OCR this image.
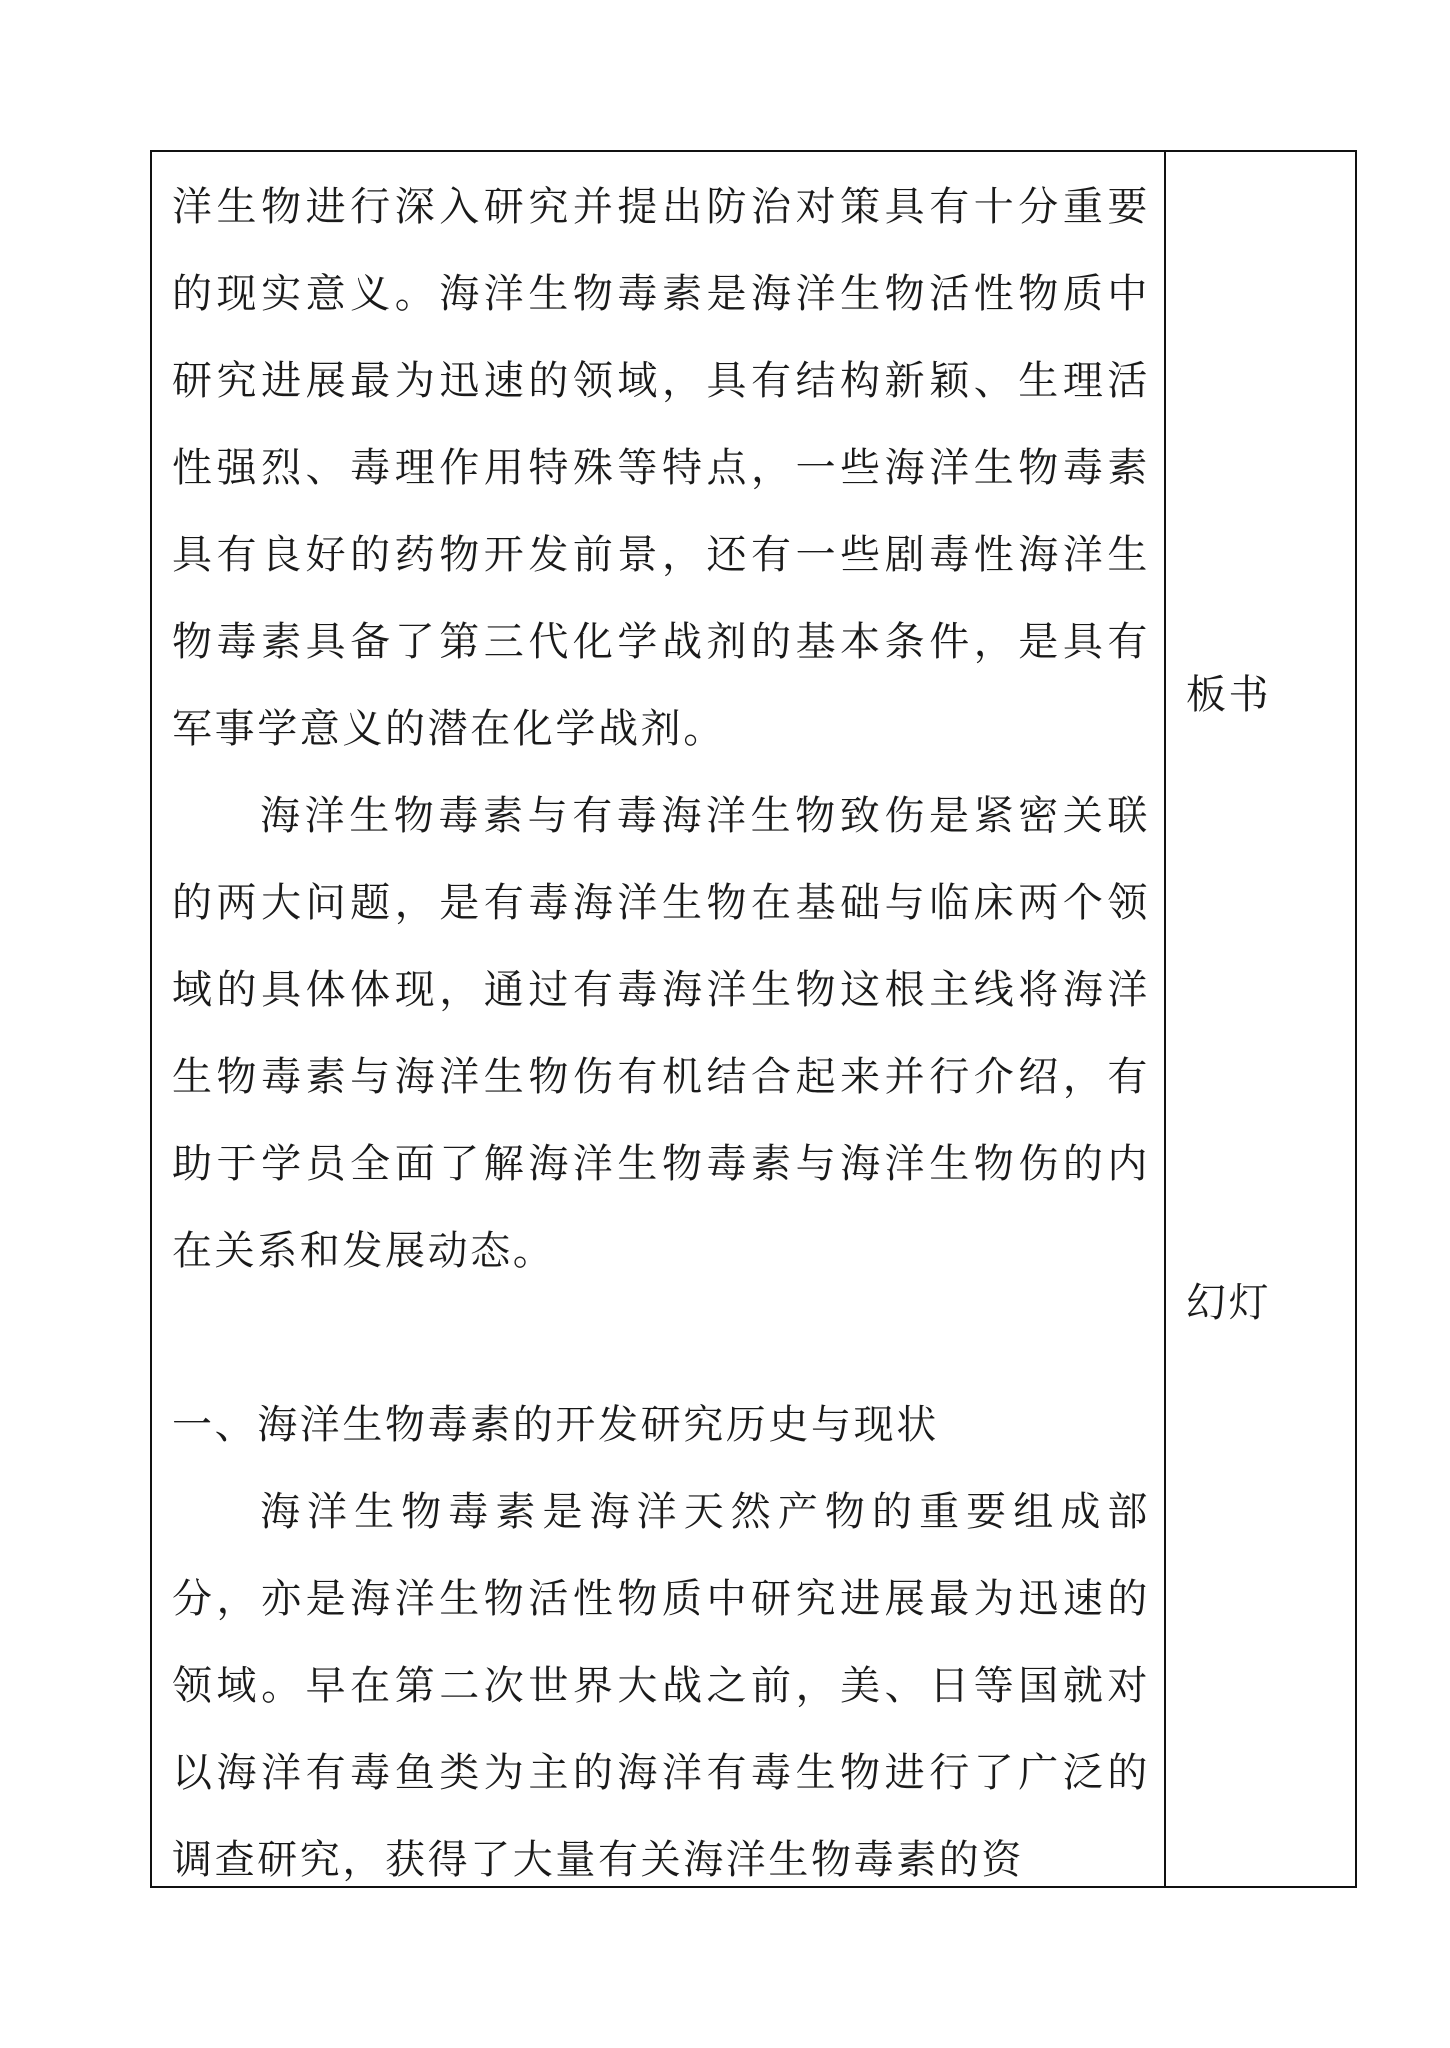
洋生物进行深入研究并提出防治对策具有十分重要的现实意义。海洋生物毒素是海洋生物活性物质中研究进展最为迅速的领域，具有结构新颖、生理活性强烈、毒理作用特殊等特点，一些海洋生物毒素具有良好的药物开发前景，还有一些剧毒性海洋生物毒素具备了第三代化学战剂的基本条件，是具有军事学意义的潜在化学战剂。

海洋生物毒素与有毒海洋生物致伤是紧密关联的两大问题，是有毒海洋生物在基础与临床两个领域的具体体现，通过有毒海洋生物这根主线将海洋生物毒素与海洋生物伤有机结合起来并行介绍，有助于学员全面了解海洋生物毒素与海洋生物伤的内在关系和发展动态。

一、海洋生物毒素的开发研究历史与现状

海洋生物毒素是海洋天然产物的重要组成部分，亦是海洋生物活性物质中研究进展最为迅速的领域。早在第二次世界大战之前，美、日等国就对以海洋有毒鱼类为主的海洋有毒生物进行了广泛的调查研究，获得了大量有关海洋生物毒素的资

板书
幻灯
